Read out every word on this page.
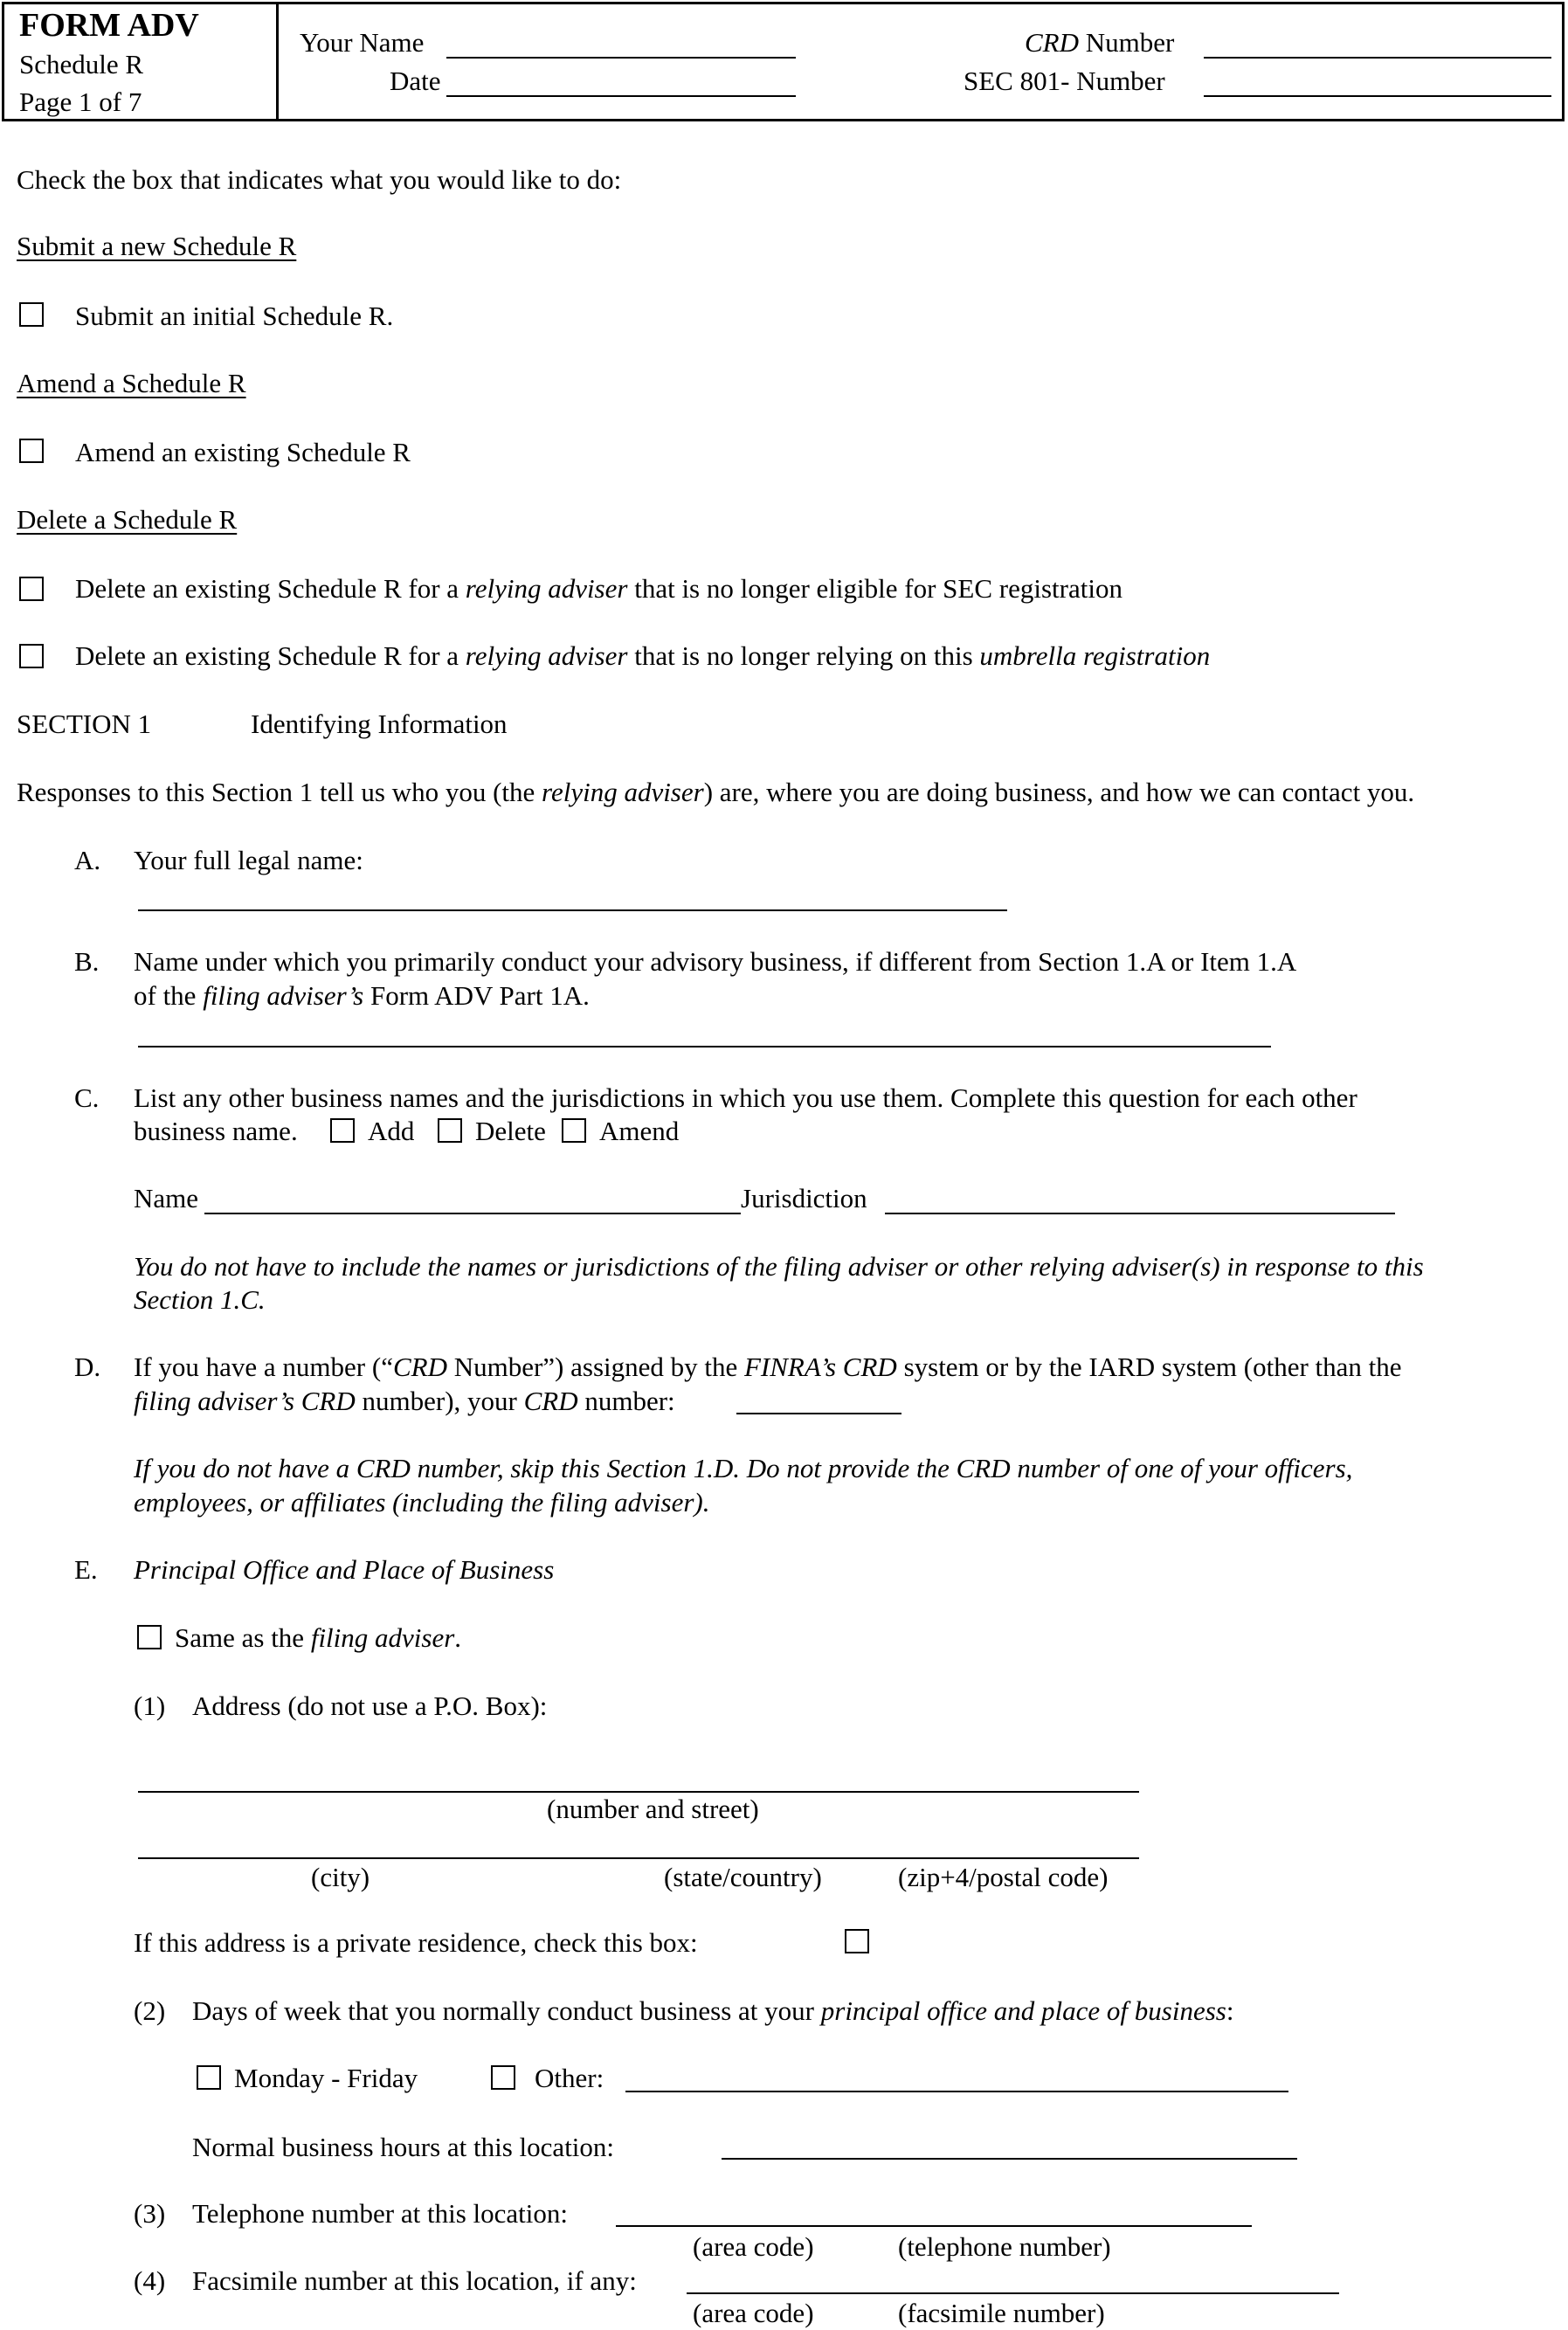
FORM ADV
Schedule R
Page 1 of 7
Your Name
Date
CRD Number
SEC 801- Number
Check the box that indicates what you would like to do:
Submit a new Schedule R
Submit an initial Schedule R.
Amend a Schedule R
Amend an existing Schedule R
Delete a Schedule R
Delete an existing Schedule R for a relying adviser that is no longer eligible for SEC registration
Delete an existing Schedule R for a relying adviser that is no longer relying on this umbrella registration
SECTION 1	Identifying Information
Responses to this Section 1 tell us who you (the relying adviser) are, where you are doing business, and how we can contact you.
A. Your full legal name:
B. Name under which you primarily conduct your advisory business, if different from Section 1.A or Item 1.A
of the filing adviser’s Form ADV Part 1A.
C. List any other business names and the jurisdictions in which you use them. Complete this question for each other
business name.	Add Delete Amend
Name	Jurisdiction
You do not have to include the names or jurisdictions of the filing adviser or other relying adviser(s) in response to this
Section 1.C.
D. If you have a number (“CRD Number”) assigned by the FINRA’s CRD system or by the IARD system (other than the
filing adviser’s CRD number), your CRD number:
If you do not have a CRD number, skip this Section 1.D. Do not provide the CRD number of one of your officers,
employees, or affiliates (including the filing adviser).
E. Principal Office and Place of Business
Same as the filing adviser.
(1) Address (do not use a P.O. Box):
(number and street)
(city)	(state/country)	(zip+4/postal code)
If this address is a private residence, check this box:
(2) Days of week that you normally conduct business at your principal office and place of business:
Monday - Friday	Other:
Normal business hours at this location:
(3) Telephone number at this location:
(area code)	(telephone number)
(4) Facsimile number at this location, if any:
(area code)	(facsimile number)
